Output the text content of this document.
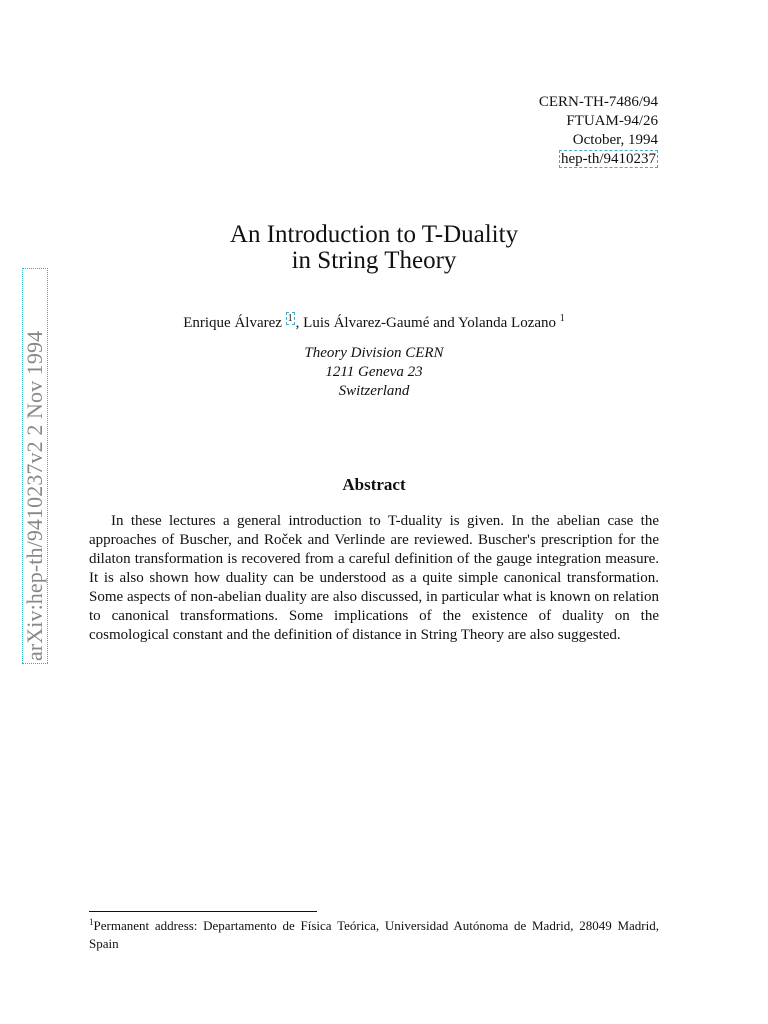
arXiv:hep-th/9410237v2 2 Nov 1994
CERN-TH-7486/94
FTUAM-94/26
October, 1994
hep-th/9410237
An Introduction to T-Duality
in String Theory
Enrique Álvarez $^1$ , Luis Álvarez-Gaumé and Yolanda Lozano $^1$
Theory Division CERN
1211 Geneva 23
Switzerland
Abstract

In these lectures a general introduction to T-duality is given. In the abelian case the approaches of Buscher, and Roček and Verlinde are reviewed. Buscher's prescription for the dilaton transformation is recovered from a careful definition of the gauge integration measure. It is also shown how duality can be understood as a quite simple canonical transformation. Some aspects of non-abelian duality are also discussed, in particular what is known on relation to canonical transformations. Some implications of the existence of duality on the cosmological constant and the definition of distance in String Theory are also suggested.

$^1$Permanent address: Departamento de Física Teórica, Universidad Autónoma de Madrid, 28049 Madrid, Spain
